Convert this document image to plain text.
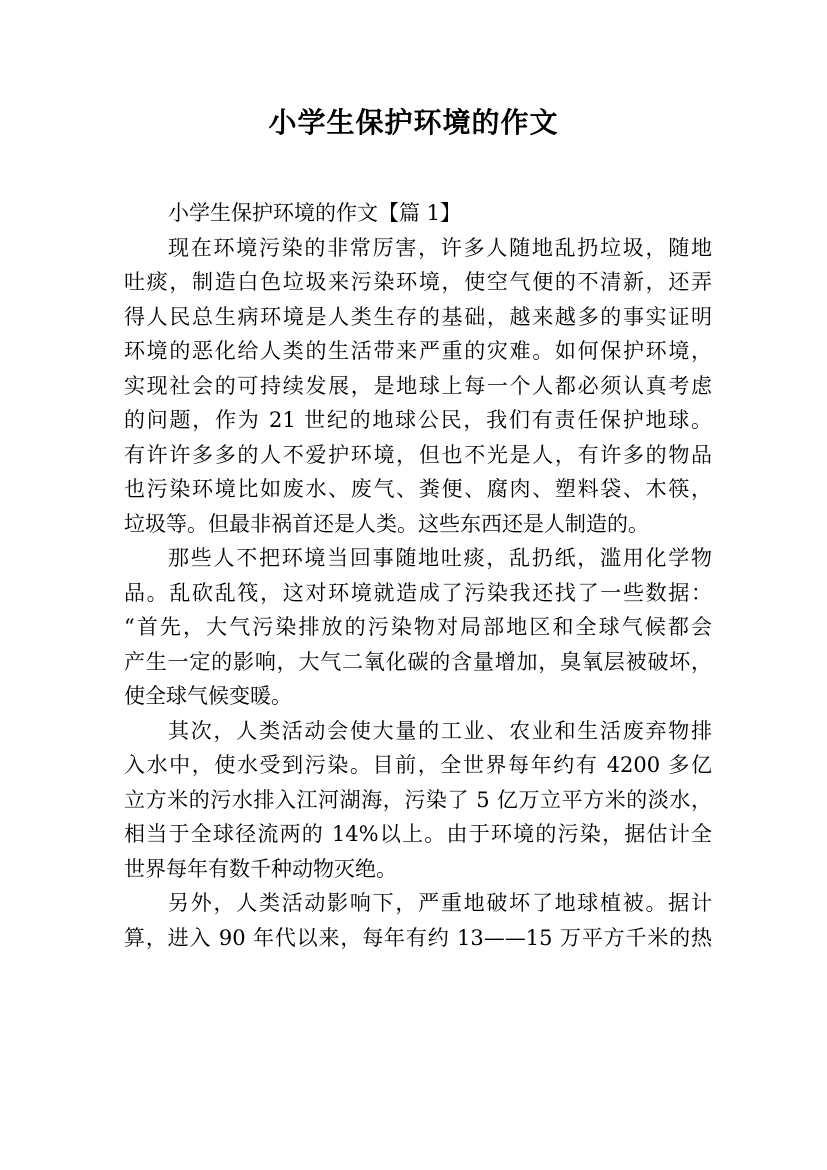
小学生保护环境的作文
小学生保护环境的作文【篇 1】
现在环境污染的非常厉害，许多人随地乱扔垃圾，随地
吐痰，制造白色垃圾来污染环境，使空气便的不清新，还弄
得人民总生病环境是人类生存的基础，越来越多的事实证明
环境的恶化给人类的生活带来严重的灾难。如何保护环境，
实现社会的可持续发展，是地球上每一个人都必须认真考虑
的问题，作为 21 世纪的地球公民，我们有责任保护地球。
有许许多多的人不爱护环境，但也不光是人，有许多的物品
也污染环境比如废水、废气、粪便、腐肉、塑料袋、木筷，
垃圾等。但最非祸首还是人类。这些东西还是人制造的。
那些人不把环境当回事随地吐痰，乱扔纸，滥用化学物
品。乱砍乱筏，这对环境就造成了污染我还找了一些数据：
“首先，大气污染排放的污染物对局部地区和全球气候都会
产生一定的影响，大气二氧化碳的含量增加，臭氧层被破坏，
使全球气候变暖。
其次，人类活动会使大量的工业、农业和生活废弃物排
入水中，使水受到污染。目前，全世界每年约有 4200 多亿
立方米的污水排入江河湖海，污染了 5 亿万立平方米的淡水，
相当于全球径流两的 14%以上。由于环境的污染，据估计全
世界每年有数千种动物灭绝。
另外，人类活动影响下，严重地破坏了地球植被。据计
算，进入 90 年代以来，每年有约 13——15 万平方千米的热
